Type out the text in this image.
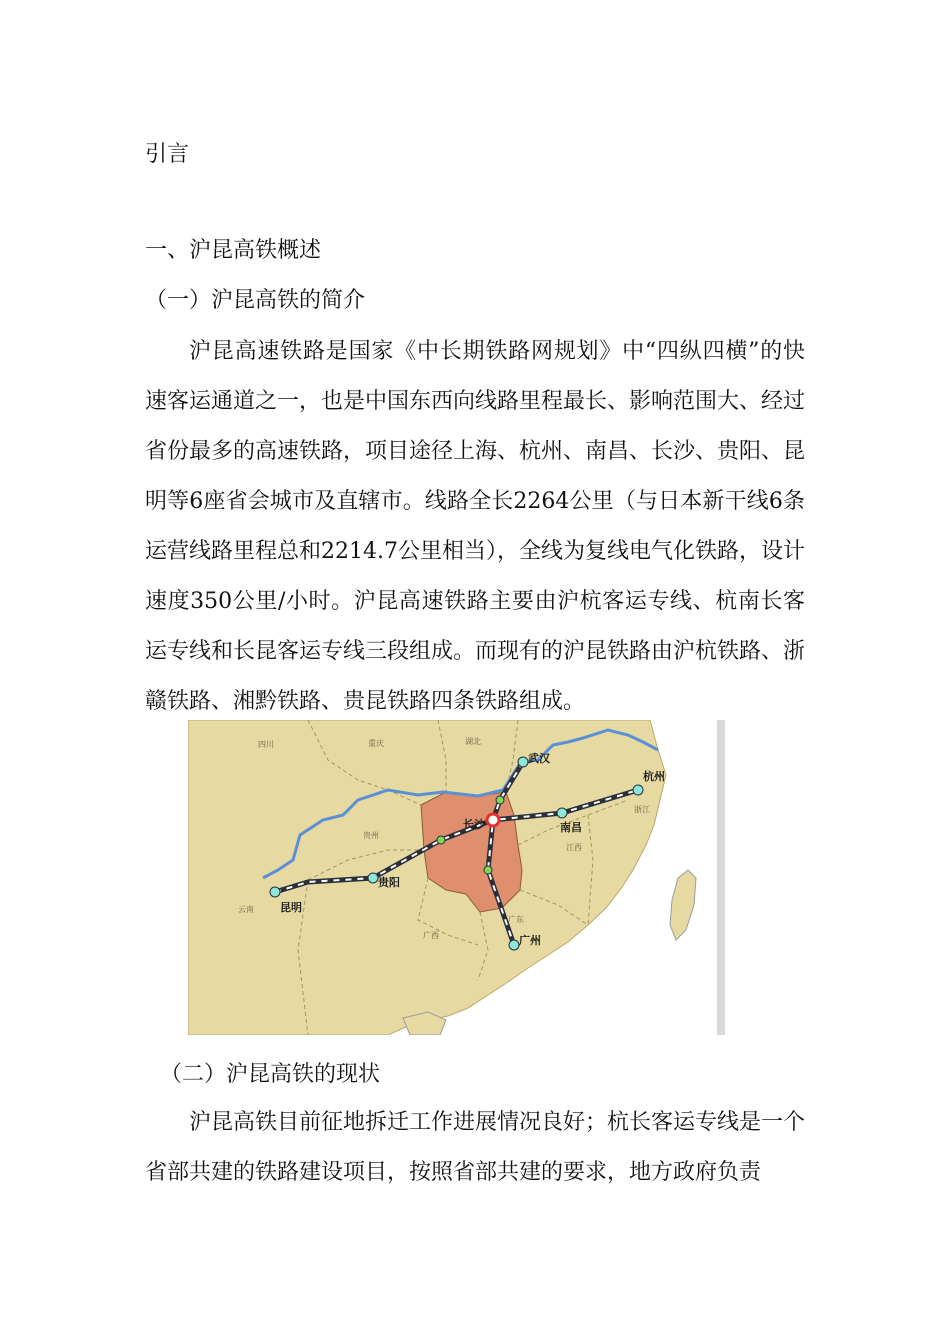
引言
一、沪昆高铁概述
（一）沪昆高铁的简介

沪昆高速铁路是国家《中长期铁路网规划》中“四纵四横”的快速客运通道之一，也是中国东西向线路里程最长、影响范围大、经过省份最多的高速铁路，项目途径上海、杭州、南昌、长沙、贵阳、昆明等6座省会城市及直辖市。线路全长2264公里（与日本新干线6条运营线路里程总和2214.7公里相当），全线为复线电气化铁路，设计速度350公里/小时。沪昆高速铁路主要由沪杭客运专线、杭南长客运专线和长昆客运专线三段组成。而现有的沪昆铁路由沪杭铁路、浙赣铁路、湘黔铁路、贵昆铁路四条铁路组成。

昆明
贵阳
长沙
武汉
南昌
杭州
广州
四川	重庆	湖北
贵州
云南
广西
广东
江西
浙江
（二）沪昆高铁的现状

沪昆高铁目前征地拆迁工作进展情况良好；杭长客运专线是一个省部共建的铁路建设项目，按照省部共建的要求，地方政府负责
